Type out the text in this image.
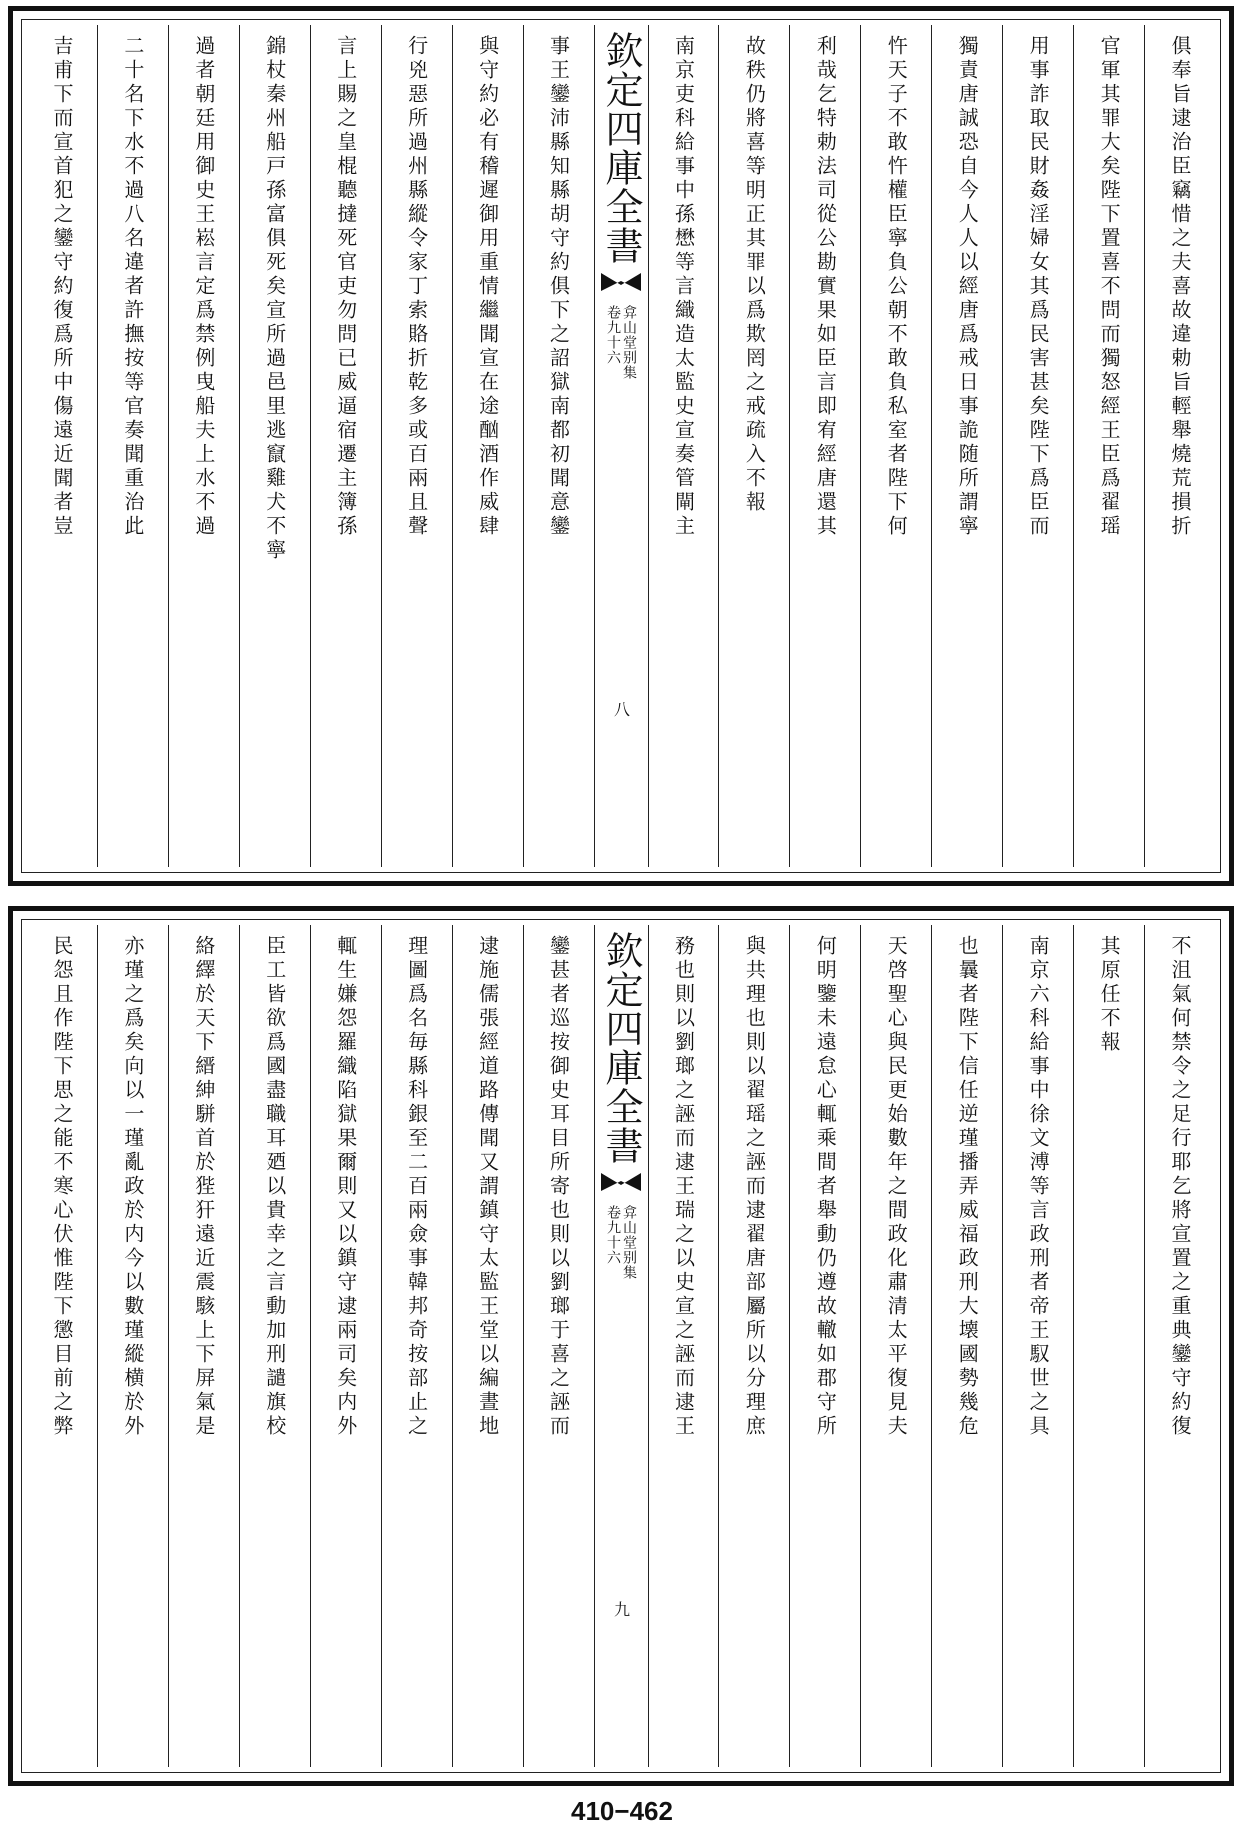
俱奉旨逮治臣竊惜之夫喜故違勅旨輕舉燒荒損折
官軍其罪大矣陛下置喜不問而獨怒經王臣爲翟瑶
用事詐取民財姦淫婦女其爲民害甚矣陛下爲臣而
獨責唐誠恐自今人人以經唐爲戒日事詭随所謂寧
忤天子不敢忤權臣寧負公朝不敢負私室者陛下何
利哉乞特勅法司從公勘實果如臣言即宥經唐還其
故秩仍將喜等明正其罪以爲欺罔之戒疏入不報
南京吏科給事中孫懋等言織造太監史宣奏管閘主
欽定四庫全書
弇山堂别集
卷九十六
八
事王鑾沛縣知縣胡守約俱下之詔獄南都初聞意鑾
與守約必有稽遲御用重情繼聞宣在途酗酒作威肆
行兇惡所過州縣縱令家丁索賂折乾多或百兩且聲
言上賜之皇棍聽撻死官吏勿問已威逼宿遷主簿孫
錦杖秦州船戸孫富俱死矣宣所過邑里逃竄雞犬不寧
過者朝廷用御史王崧言定爲禁例曳船夫上水不過
二十名下水不過八名違者許撫按等官奏聞重治此
吉甫下而宣首犯之鑾守約復爲所中傷遠近聞者豈
不沮氣何禁令之足行耶乞將宣置之重典鑾守約復
其原任不報
南京六科給事中徐文溥等言政刑者帝王馭世之具
也曩者陛下信任逆瑾播弄威福政刑大壊國勢幾危
天啓聖心與民更始數年之間政化肅清太平復見夫
何明鑒未遠怠心輒乘間者舉動仍遵故轍如郡守所
與共理也則以翟瑶之誣而逮翟唐部屬所以分理庶
務也則以劉瑯之誣而逮王瑞之以史宣之誣而逮王
欽定四庫全書
弇山堂别集
卷九十六
九
鑾甚者巡按御史耳目所寄也則以劉瑯于喜之誣而
逮施儒張經道路傳聞又謂鎮守太監王堂以編晝地
理圖爲名毎縣科銀至二百兩僉事韓邦奇按部止之
輒生嫌怨羅織陷獄果爾則又以鎮守逮兩司矣内外
臣工皆欲爲國盡職耳廼以貴幸之言動加刑譴旗校
絡繹於天下縉紳駢首於狴犴遠近震駭上下屏氣是
亦瑾之爲矣向以一瑾亂政於内今以數瑾縱横於外
民怨且作陛下思之能不寒心伏惟陛下懲目前之弊
410−462
